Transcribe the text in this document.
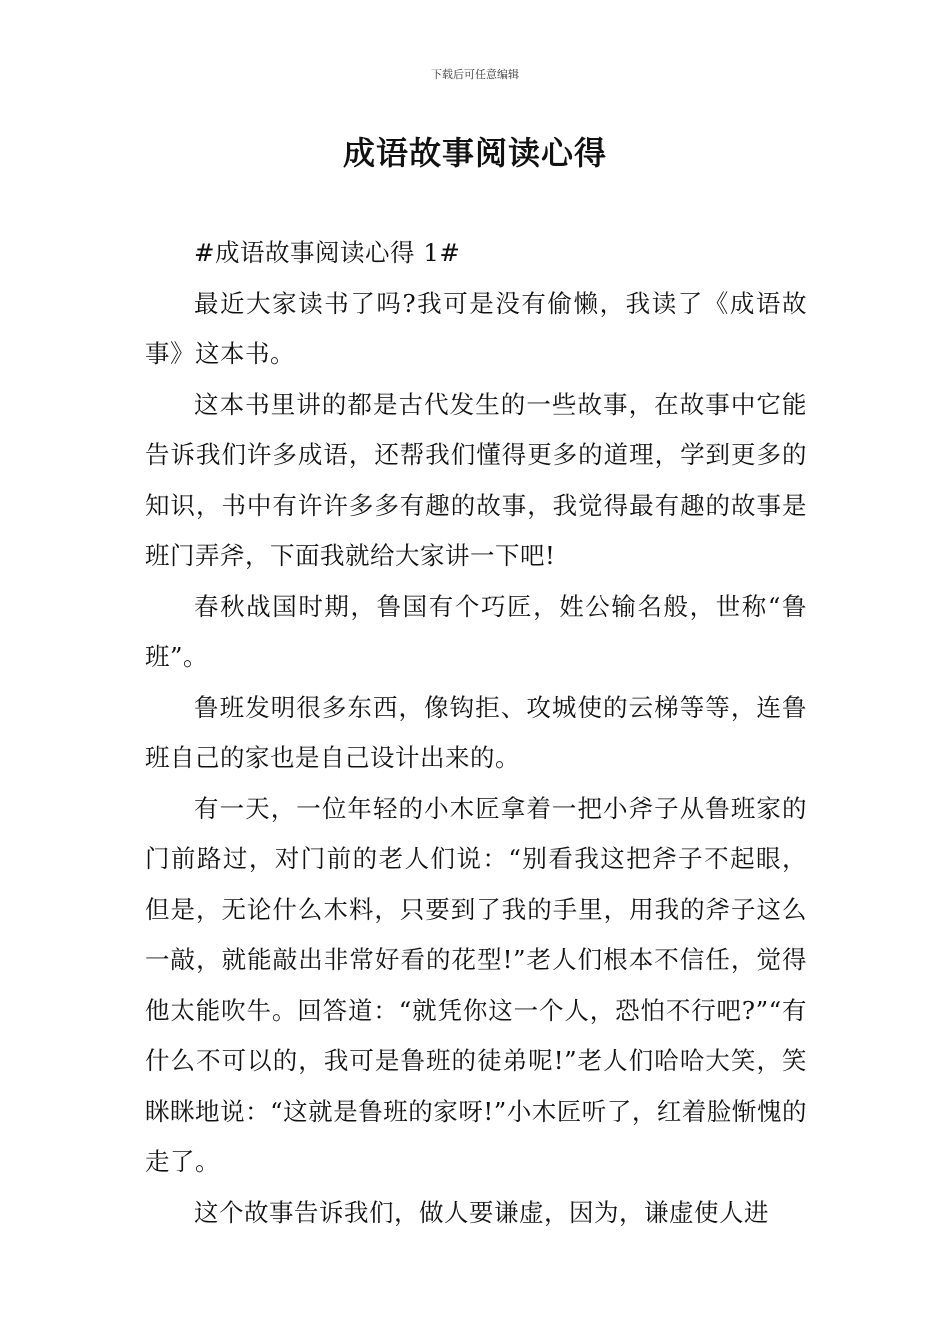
下载后可任意编辑
成语故事阅读心得

#成语故事阅读心得 1#

最近大家读书了吗?我可是没有偷懒，我读了《成语故事》这本书。

这本书里讲的都是古代发生的一些故事，在故事中它能告诉我们许多成语，还帮我们懂得更多的道理，学到更多的知识，书中有许许多多有趣的故事，我觉得最有趣的故事是班门弄斧，下面我就给大家讲一下吧!

春秋战国时期，鲁国有个巧匠，姓公输名般，世称“鲁班”。

鲁班发明很多东西，像钩拒、攻城使的云梯等等，连鲁班自己的家也是自己设计出来的。

有一天，一位年轻的小木匠拿着一把小斧子从鲁班家的门前路过，对门前的老人们说：“别看我这把斧子不起眼，但是，无论什么木料，只要到了我的手里，用我的斧子这么一敲，就能敲出非常好看的花型!”老人们根本不信任，觉得他太能吹牛。回答道：“就凭你这一个人，恐怕不行吧?”“有什么不可以的，我可是鲁班的徒弟呢!”老人们哈哈大笑，笑眯眯地说：“这就是鲁班的家呀!”小木匠听了，红着脸惭愧的走了。

这个故事告诉我们，做人要谦虚，因为，谦虚使人进
